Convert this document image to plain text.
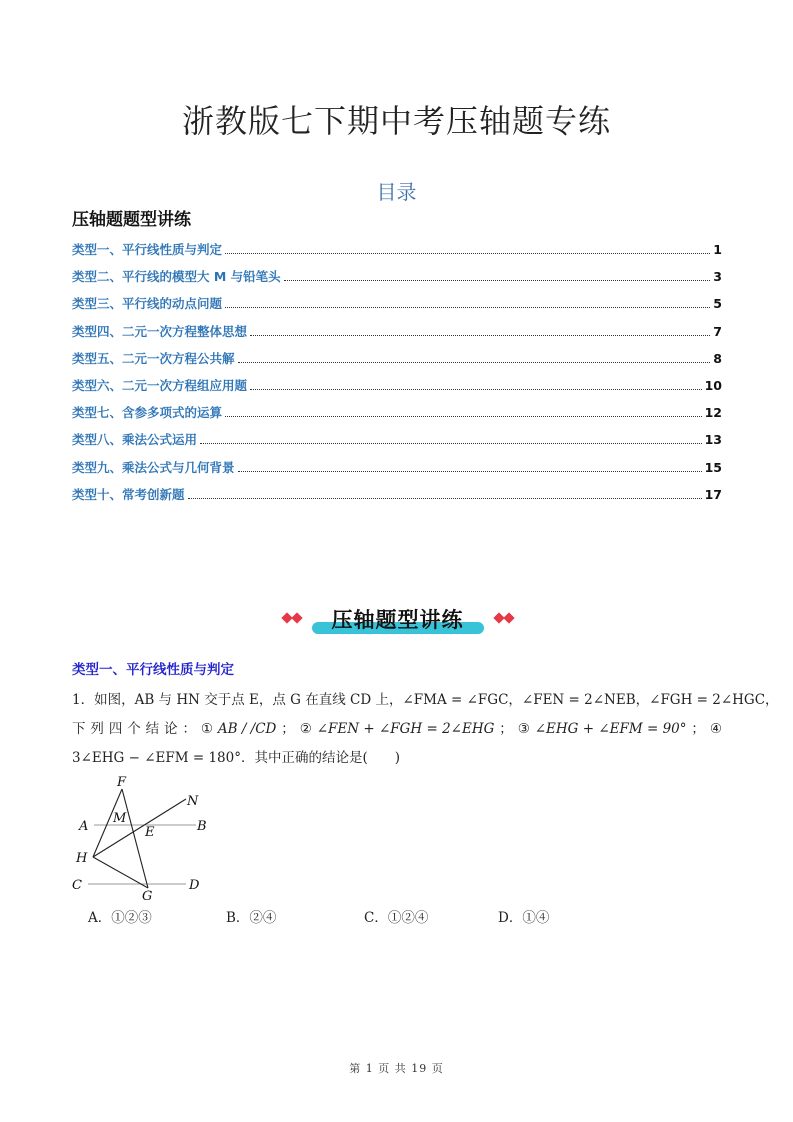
浙教版七下期中考压轴题专练
目录
压轴题题型讲练
类型一、平行线性质与判定	1
类型二、平行线的模型大 M 与铅笔头	3
类型三、平行线的动点问题	5
类型四、二元一次方程整体思想	7
类型五、二元一次方程公共解	8
类型六、二元一次方程组应用题	10
类型七、含参多项式的运算	12
类型八、乘法公式运用	13
类型九、乘法公式与几何背景	15
类型十、常考创新题	17
压轴题型讲练
类型一、平行线性质与判定
1．如图，AB 与 HN 交于点 E，点 G 在直线 CD 上，∠FMA = ∠FGC，∠FEN = 2∠NEB，∠FGH = 2∠HGC，
下 列 四 个 结 论 ： ① AB / /CD ； ② ∠FEN + ∠FGH = 2∠EHG ； ③ ∠EHG + ∠EFM = 90° ； ④
3∠EHG − ∠EFM = 180°．其中正确的结论是(　　)
F
N
M
A	E	B
H
C
G
D
A．①②③	B．②④	C．①②④	D．①④
第 1 页 共 19 页
